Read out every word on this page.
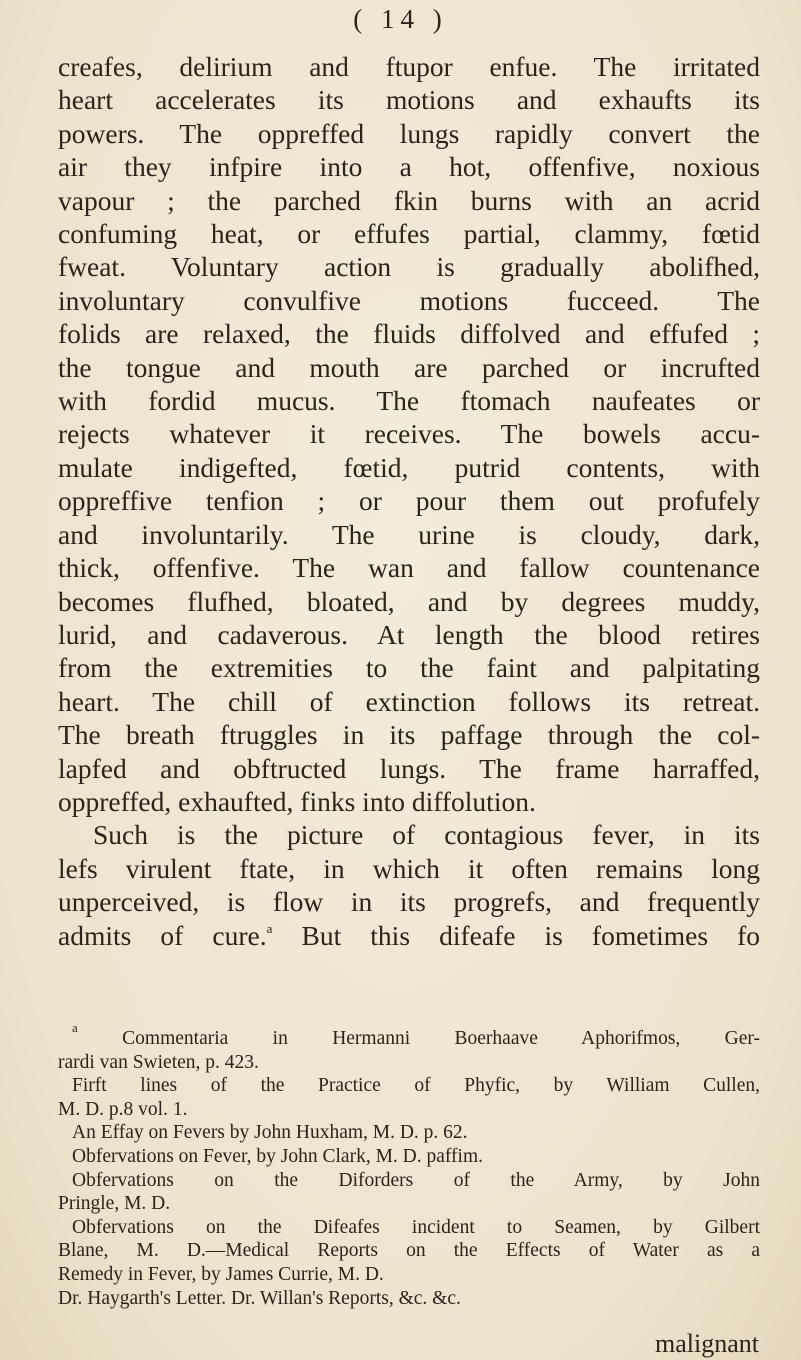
( 14 )
creafes, delirium and ftupor enfue. The irritated
heart accelerates its motions and exhaufts its
powers. The oppreffed lungs rapidly convert the
air they infpire into a hot, offenfive, noxious
vapour ; the parched fkin burns with an acrid
confuming heat, or effufes partial, clammy, fœtid
fweat. Voluntary action is gradually abolifhed,
involuntary convulfive motions fucceed. The
folids are relaxed, the fluids diffolved and effufed ;
the tongue and mouth are parched or incrufted
with fordid mucus. The ftomach naufeates or
rejects whatever it receives. The bowels accu-
mulate indigefted, fœtid, putrid contents, with
oppreffive tenfion ; or pour them out profufely
and involuntarily. The urine is cloudy, dark,
thick, offenfive. The wan and fallow countenance
becomes flufhed, bloated, and by degrees muddy,
lurid, and cadaverous. At length the blood retires
from the extremities to the faint and palpitating
heart. The chill of extinction follows its retreat.
The breath ftruggles in its paffage through the col-
lapfed and obftructed lungs. The frame harraffed,
oppreffed, exhaufted, finks into diffolution.
Such is the picture of contagious fever, in its
lefs virulent ftate, in which it often remains long
unperceived, is flow in its progrefs, and frequently
admits of cure.$^a$ But this difeafe is fometimes fo
$^a$ Commentaria in Hermanni Boerhaave Aphorifmos, Ger-
rardi van Swieten, p. 423.
Firft lines of the Practice of Phyfic, by William Cullen,
M. D. p.8 vol. 1.
An Effay on Fevers by John Huxham, M. D. p. 62.
Obfervations on Fever, by John Clark, M. D. paffim.
Obfervations on the Diforders of the Army, by John
Pringle, M. D.
Obfervations on the Difeafes incident to Seamen, by Gilbert
Blane, M. D.—Medical Reports on the Effects of Water as a
Remedy in Fever, by James Currie, M. D.
Dr. Haygarth's Letter. Dr. Willan's Reports, &c. &c.
malignant
